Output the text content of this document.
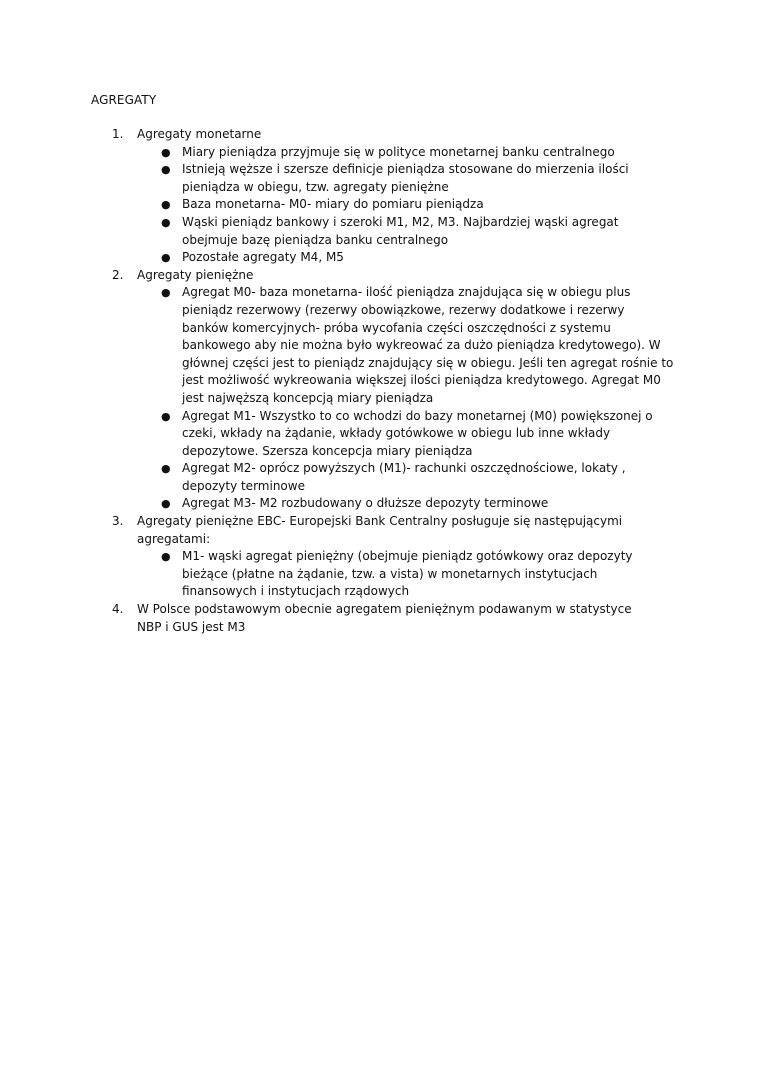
AGREGATY
1. Agregaty monetarne
● Miary pieniądza przyjmuje się w polityce monetarnej banku centralnego
● Istnieją węższe i szersze definicje pieniądza stosowane do mierzenia ilości pieniądza w obiegu, tzw. agregaty pieniężne
● Baza monetarna- M0- miary do pomiaru pieniądza
● Wąski pieniądz bankowy i szeroki M1, M2, M3. Najbardziej wąski agregat obejmuje bazę pieniądza banku centralnego
● Pozostałe agregaty M4, M5
2. Agregaty pieniężne
● Agregat M0- baza monetarna- ilość pieniądza znajdująca się w obiegu plus pieniądz rezerwowy (rezerwy obowiązkowe, rezerwy dodatkowe i rezerwy banków komercyjnych- próba wycofania części oszczędności z systemu bankowego aby nie można było wykreować za dużo pieniądza kredytowego). W głównej części jest to pieniądz znajdujący się w obiegu. Jeśli ten agregat rośnie to jest możliwość wykreowania większej ilości pieniądza kredytowego. Agregat M0 jest najwęższą koncepcją miary pieniądza
● Agregat M1- Wszystko to co wchodzi do bazy monetarnej (M0) powiększonej o czeki, wkłady na żądanie, wkłady gotówkowe w obiegu lub inne wkłady depozytowe. Szersza koncepcja miary pieniądza
● Agregat M2- oprócz powyższych (M1)- rachunki oszczędnościowe, lokaty , depozyty terminowe
● Agregat M3- M2 rozbudowany o dłuższe depozyty terminowe
3. Agregaty pieniężne EBC- Europejski Bank Centralny posługuje się następującymi agregatami:
● M1- wąski agregat pieniężny (obejmuje pieniądz gotówkowy oraz depozyty bieżące (płatne na żądanie, tzw. a vista) w monetarnych instytucjach finansowych i instytucjach rządowych
4. W Polsce podstawowym obecnie agregatem pieniężnym podawanym w statystyce NBP i GUS jest M3
